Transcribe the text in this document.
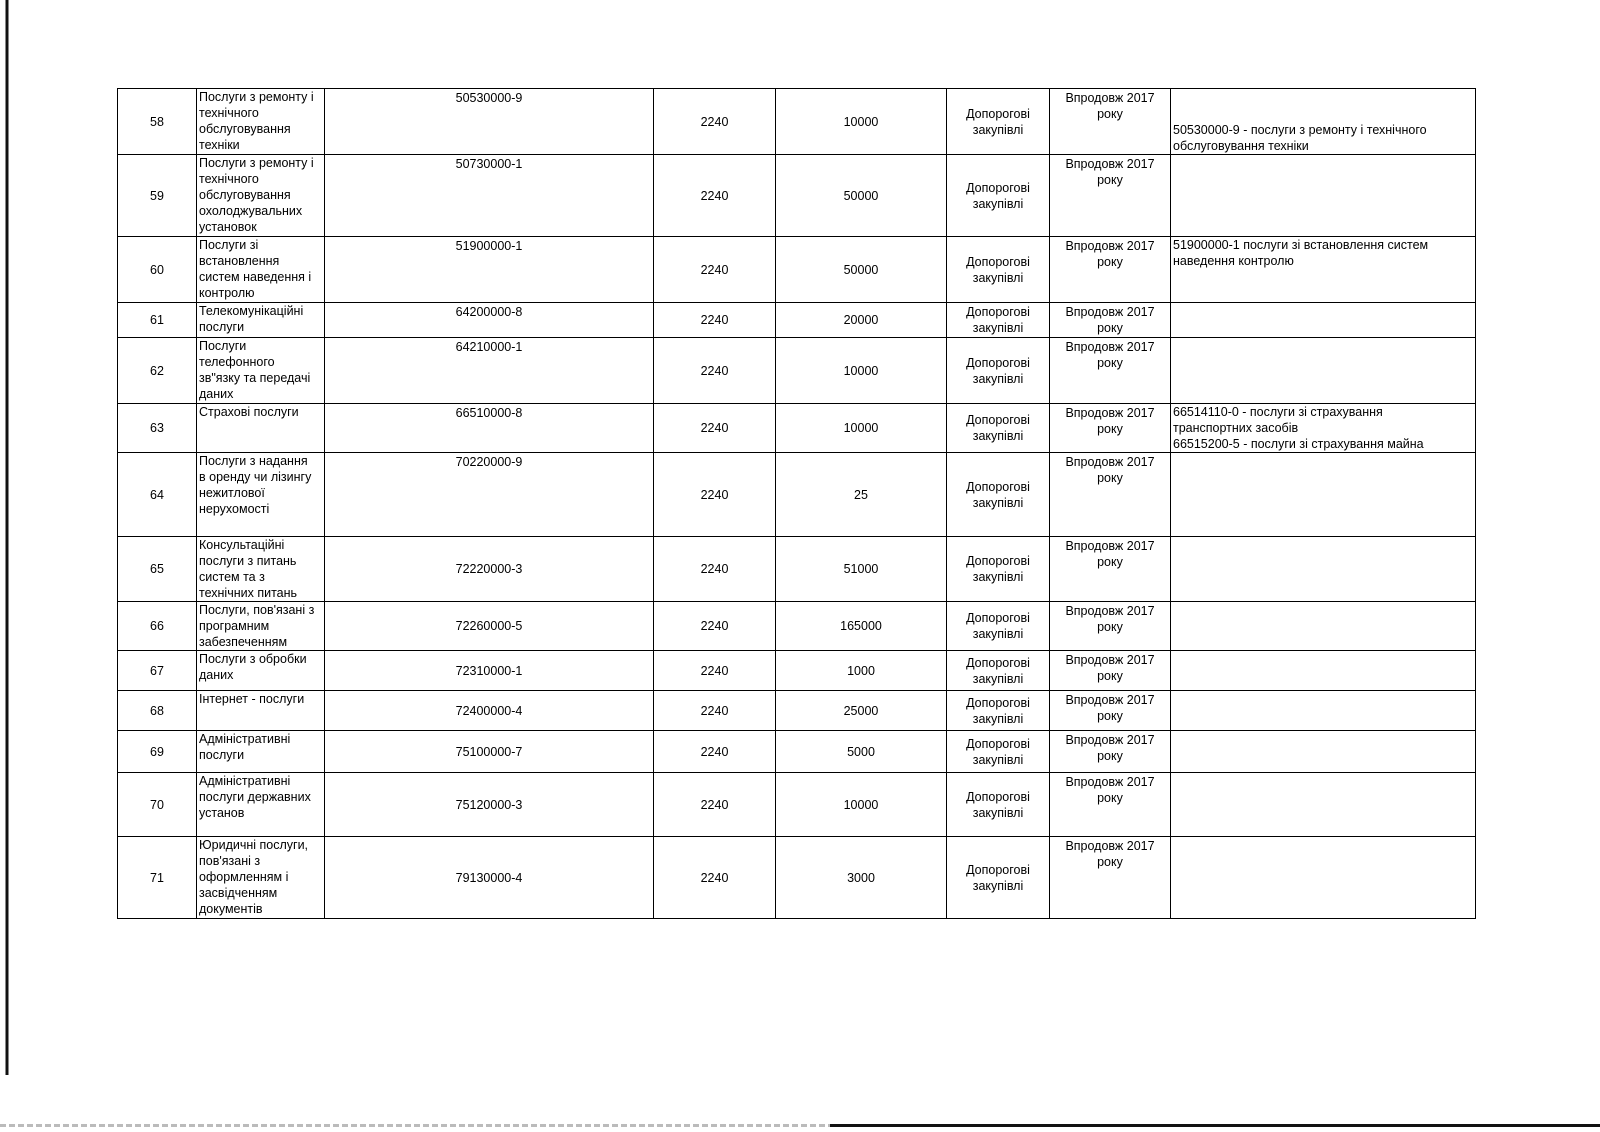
58	Послуги з ремонту і
технічного
обслуговування
техніки	50530000-9	2240	10000	Допорогові
закупівлі	Впродовж 2017
року	50530000-9 - послуги з ремонту і технічного
обслуговування техніки

59	Послуги з ремонту і
технічного
обслуговування
охолоджувальних
установок	50730000-1	2240	50000	Допорогові
закупівлі	Впродовж 2017
року	

60	Послуги зі
встановлення
систем наведення і
контролю	51900000-1	2240	50000	Допорогові
закупівлі	Впродовж 2017
року	51900000-1 послуги зі встановлення систем
наведення контролю

61	Телекомунікаційні
послуги	64200000-8	2240	20000	Допорогові
закупівлі	Впродовж 2017
року	

62	Послуги
телефонного
зв"язку та передачі
даних	64210000-1	2240	10000	Допорогові
закупівлі	Впродовж 2017
року	

63	Страхові послуги	66510000-8	2240	10000	Допорогові
закупівлі	Впродовж 2017
року	66514110-0 - послуги зі страхування
транспортних засобів
66515200-5 - послуги зі страхування майна

64	Послуги з надання
в оренду чи лізингу
нежитлової
нерухомості	70220000-9	2240	25	Допорогові
закупівлі	Впродовж 2017
року	

65	Консультаційні
послуги з питань
систем та з
технічних питань	72220000-3	2240	51000	Допорогові
закупівлі	Впродовж 2017
року	

66	Послуги, пов'язані з
програмним
забезпеченням	72260000-5	2240	165000	Допорогові
закупівлі	Впродовж 2017
року	

67	Послуги з обробки
даних	72310000-1	2240	1000	Допорогові
закупівлі	Впродовж 2017
року	

68	Інтернет - послуги	72400000-4	2240	25000	Допорогові
закупівлі	Впродовж 2017
року	

69	Адміністративні
послуги	75100000-7	2240	5000	Допорогові
закупівлі	Впродовж 2017
року	

70	Адміністративні
послуги державних
установ	75120000-3	2240	10000	Допорогові
закупівлі	Впродовж 2017
року	

71	Юридичні послуги,
пов'язані з
оформленням і
засвідченням
документів	79130000-4	2240	3000	Допорогові
закупівлі	Впродовж 2017
року	
